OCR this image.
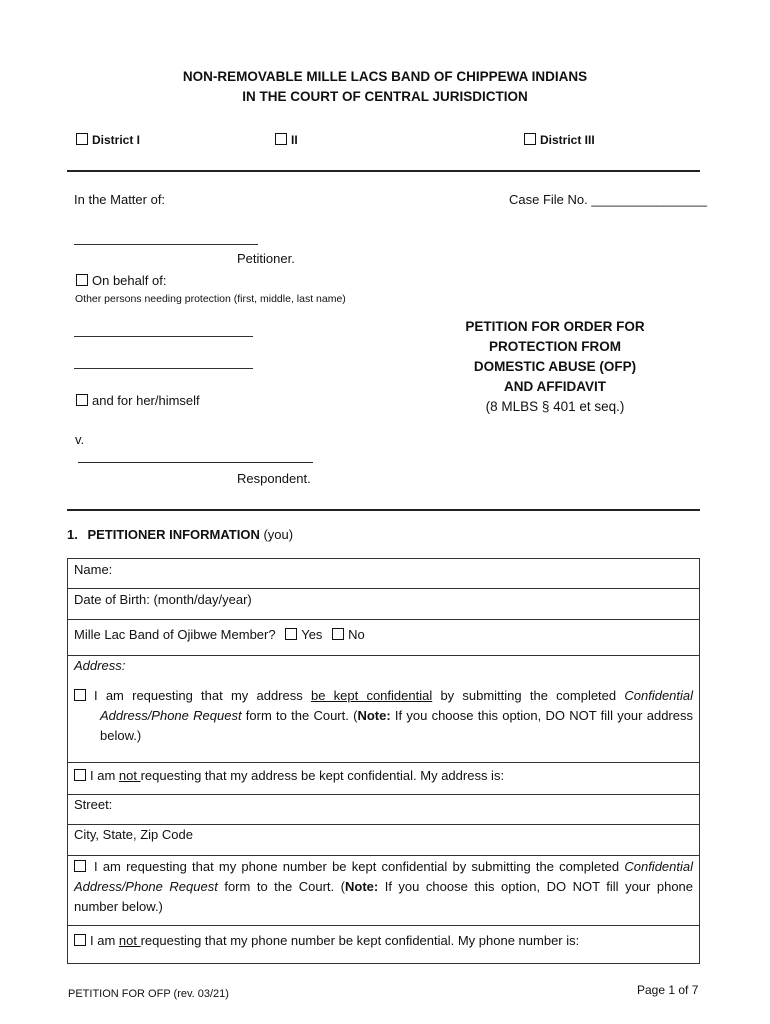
NON-REMOVABLE MILLE LACS BAND OF CHIPPEWA INDIANS
IN THE COURT OF CENTRAL JURISDICTION
District I	II	District III
In the Matter of:	Case File No. ________________
Petitioner.
On behalf of:
Other persons needing protection (first, middle, last name)
and for her/himself
v.
Respondent.
PETITION FOR ORDER FOR
PROTECTION FROM
DOMESTIC ABUSE (OFP)
AND AFFIDAVIT
(8 MLBS § 401 et seq.)
1. PETITIONER INFORMATION (you)
Name:
Date of Birth: (month/day/year)
Mille Lac Band of Ojibwe Member? Yes No
Address:
I am requesting that my address be kept confidential by submitting the completed Confidential Address/Phone Request form to the Court. (Note: If you choose this option, DO NOT fill your address below.)
I am not requesting that my address be kept confidential. My address is:
Street:
City, State, Zip Code
I am requesting that my phone number be kept confidential by submitting the completed Confidential Address/Phone Request form to the Court. (Note: If you choose this option, DO NOT fill your phone number below.)
I am not requesting that my phone number be kept confidential. My phone number is:
PETITION FOR OFP (rev. 03/21)	Page 1 of 7
